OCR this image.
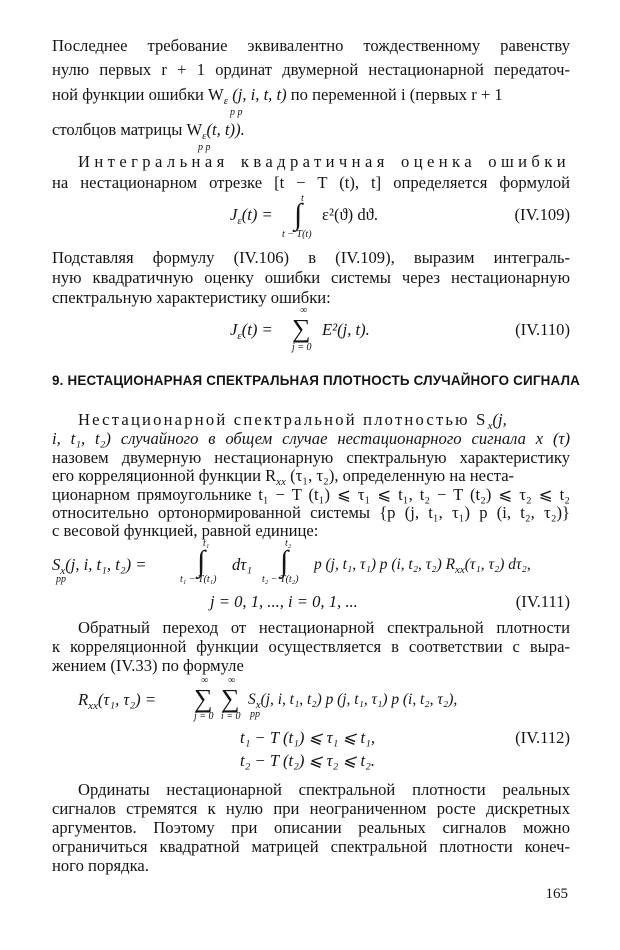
Последнее требование эквивалентно тождественному равенству
нулю первых r + 1 ординат двумерной нестационарной передаточ-
ной функции ошибки $W_\varepsilon$ (j, i, t, t) по переменной i (первых r + 1
p p
столбцов матрицы $W_\varepsilon(t$, t)).
p p
Интегральная квадратичная оценка ошибки
на нестационарном отрезке [t − T (t), t] определяется формулой
$J_\varepsilon(t)$ =
t
∫
t − T(t)
ε²(ϑ) dϑ.	(IV.109)
Подставляя формулу (IV.106) в (IV.109), выразим интеграль-
ную квадратичную оценку ошибки системы через нестационарную
спектральную характеристику ошибки:
$J_\varepsilon(t)$ =
∞
∑
j = 0
E²(j, t).	(IV.110)
9. НЕСТАЦИОНАРНАЯ СПЕКТРАЛЬНАЯ ПЛОТНОСТЬ СЛУЧАЙНОГО СИГНАЛА
Нестационарной спектральной плотностью $S_x(j$,
i, t₁, t₂) случайного в общем случае нестационарного сигнала x (τ)
назовем двумерную нестационарную спектральную характеристику
его корреляционной функции $R_{xx}$ (τ₁, τ₂), определенную на неста-
ционарном прямоугольнике t₁ − T (t₁) ⩽ τ₁ ⩽ t₁, t₂ − T (t₂) ⩽ τ₂ ⩽ t₂
относительно ортонормированной системы {p (j, t₁, τ₁) p (i, t₂, τ₂)}
с весовой функцией, равной единице:
$S_x(j$, i, t₁, t₂) =
pp
t₁
∫
t₁ − T(t₁)
dτ₁
t₂
∫
t₂ − T(t₂)
p (j, t₁, τ₁) p (i, t₂, τ₂) $R_{xx}(\tau_1$, τ₂) dτ₂,
j = 0, 1, ..., i = 0, 1, ...	(IV.111)
Обратный переход от нестационарной спектральной плотности
к корреляционной функции осуществляется в соответствии с выра-
жением (IV.33) по формуле
$R_{xx}(\tau_1$, τ₂) =
∞
∑
j = 0
∞
∑
i = 0
$S_x(j$, i, t₁, t₂) p (j, t₁, τ₁) p (i, t₂, τ₂),
pp
t₁ − T (t₁) ⩽ τ₁ ⩽ t₁,	(IV.112)
t₂ − T (t₂) ⩽ τ₂ ⩽ t₂.
Ординаты нестационарной спектральной плотности реальных
сигналов стремятся к нулю при неограниченном росте дискретных
аргументов. Поэтому при описании реальных сигналов можно
ограничиться квадратной матрицей спектральной плотности конеч-
ного порядка.
165
